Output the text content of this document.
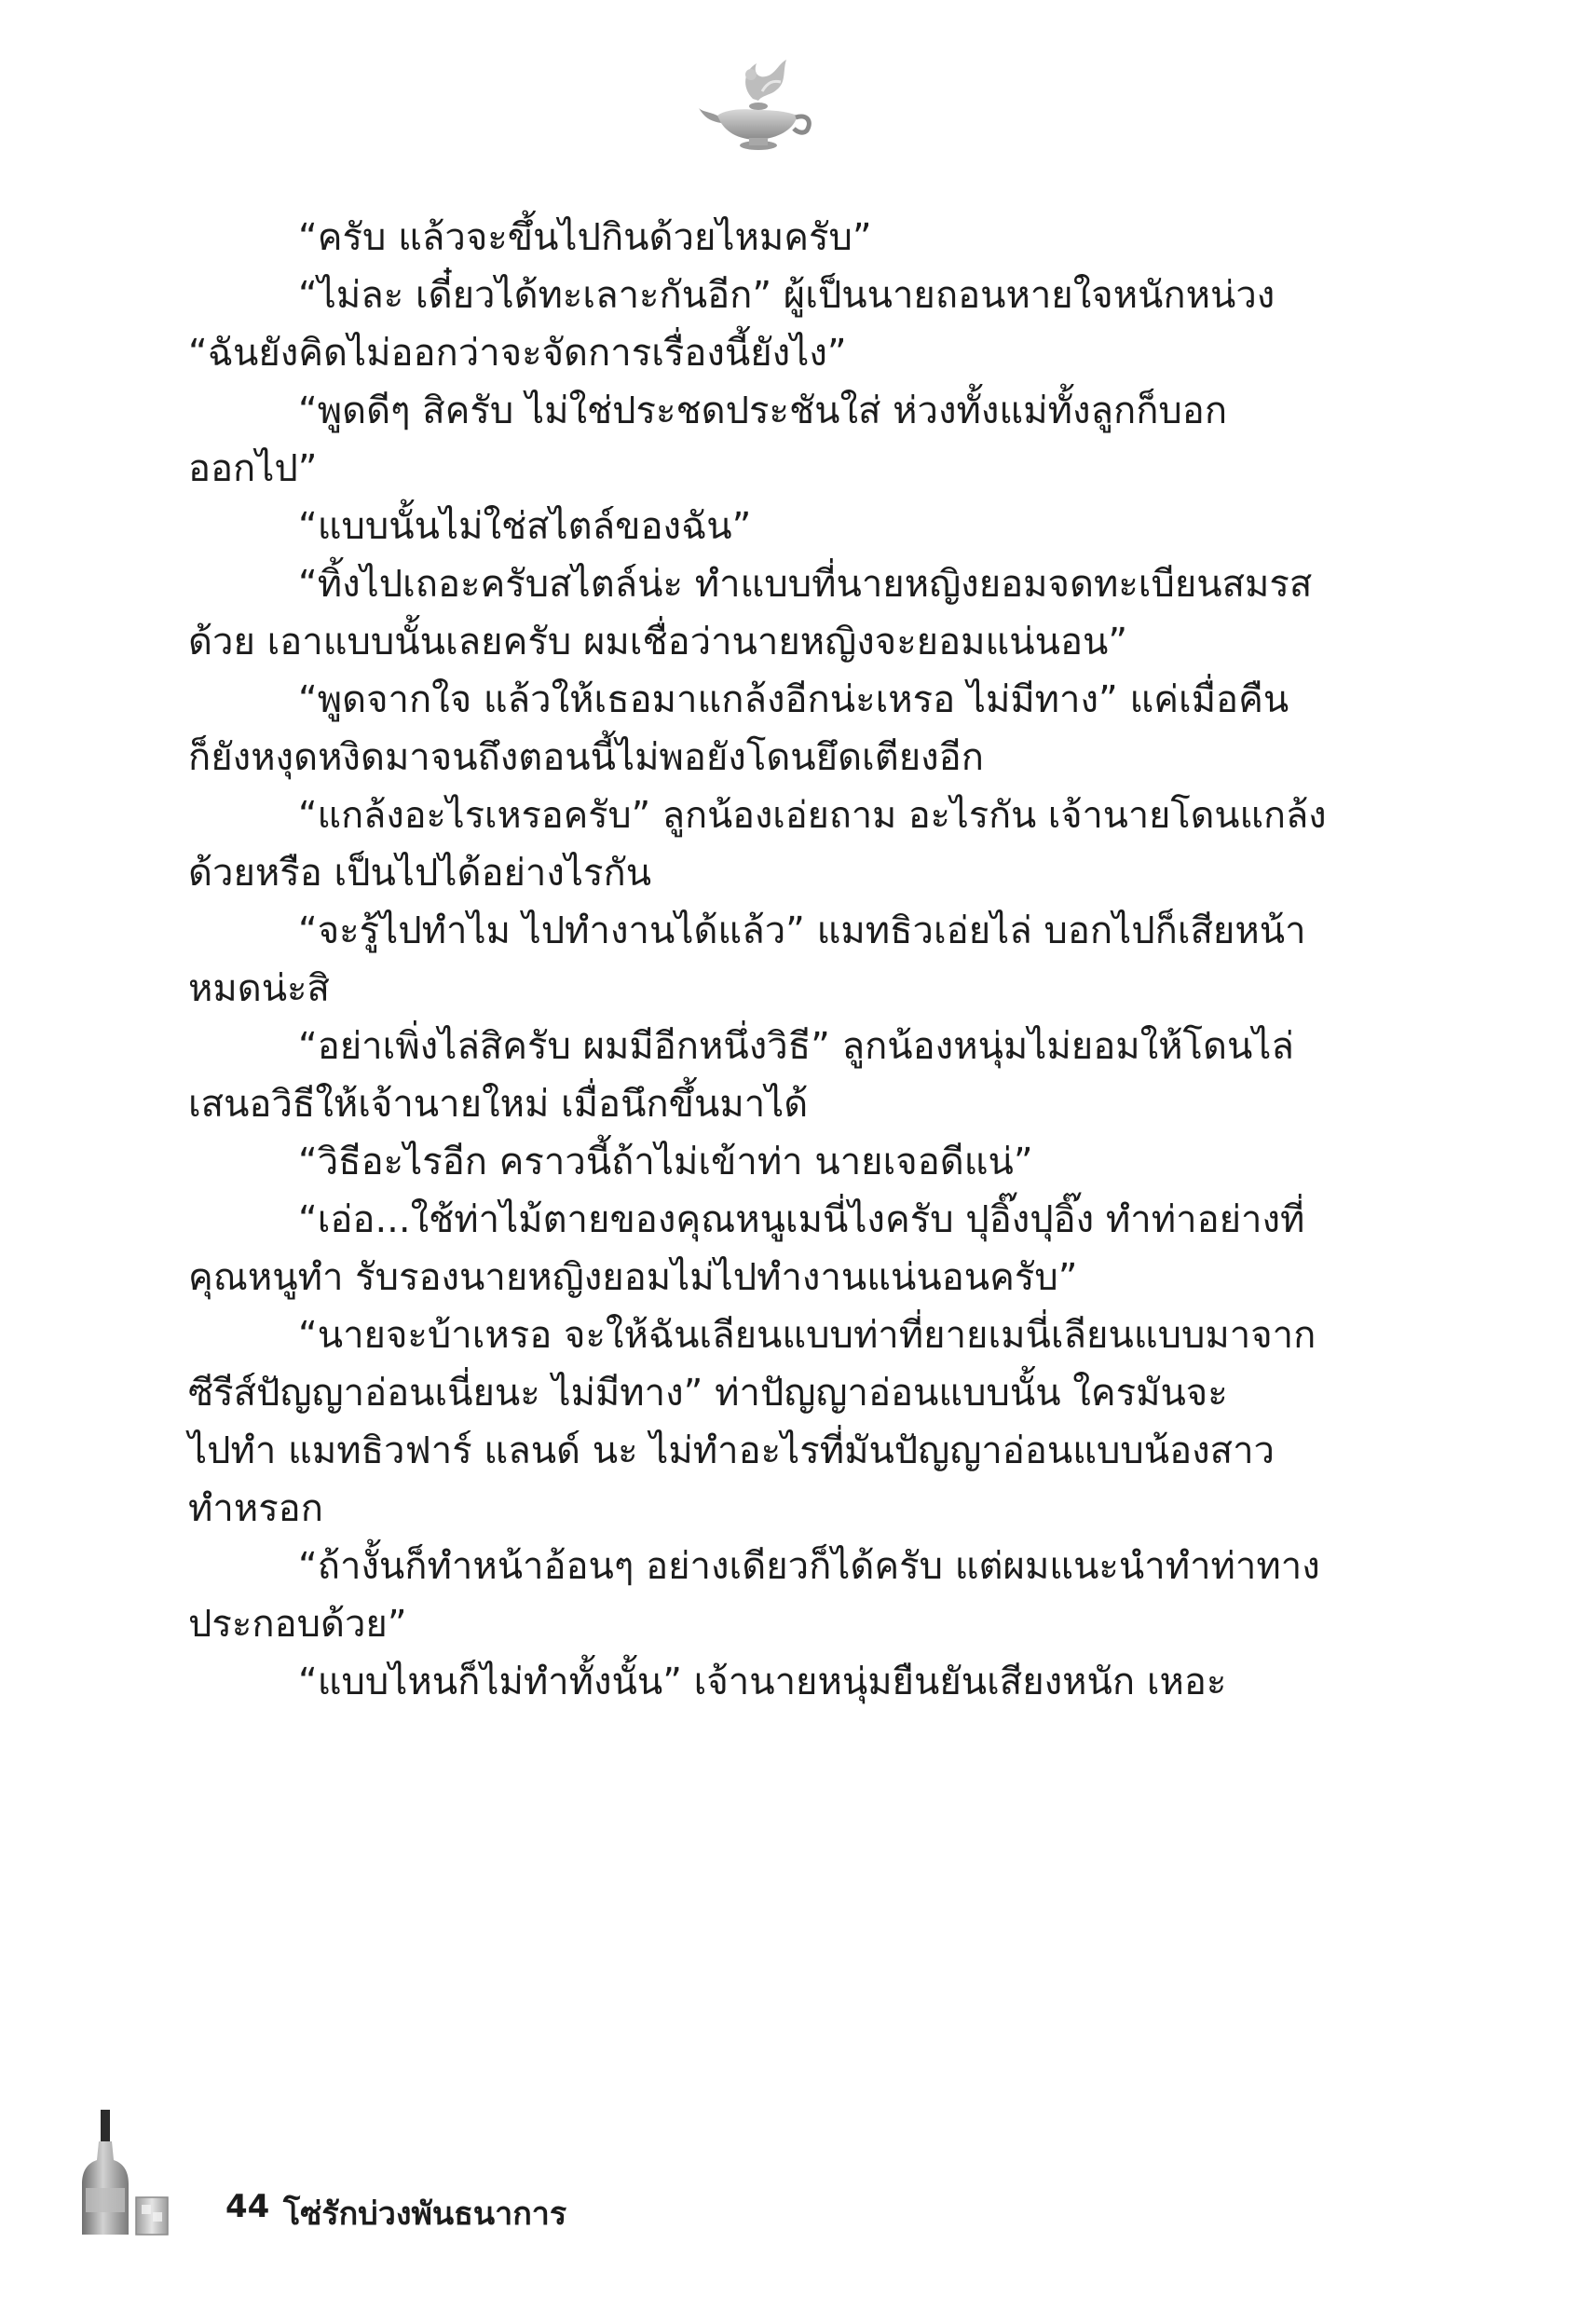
“ครับ แล้วจะขึ้นไปกินด้วยไหมครับ”

“ไม่ละ เดี๋ยวได้ทะเลาะกันอีก” ผู้เป็นนายถอนหายใจหนักหน่วง
“ฉันยังคิดไม่ออกว่าจะจัดการเรื่องนี้ยังไง”

“พูดดีๆ สิครับ ไม่ใช่ประชดประชันใส่ ห่วงทั้งแม่ทั้งลูกก็บอก
ออกไป”

“แบบนั้นไม่ใช่สไตล์ของฉัน”

“ทิ้งไปเถอะครับสไตล์น่ะ ทำแบบที่นายหญิงยอมจดทะเบียนสมรส
ด้วย เอาแบบนั้นเลยครับ ผมเชื่อว่านายหญิงจะยอมแน่นอน”

“พูดจากใจ แล้วให้เธอมาแกล้งอีกน่ะเหรอ ไม่มีทาง” แค่เมื่อคืน
ก็ยังหงุดหงิดมาจนถึงตอนนี้ไม่พอยังโดนยึดเตียงอีก

“แกล้งอะไรเหรอครับ” ลูกน้องเอ่ยถาม อะไรกัน เจ้านายโดนแกล้ง
ด้วยหรือ เป็นไปได้อย่างไรกัน

“จะรู้ไปทำไม ไปทำงานได้แล้ว” แมทธิวเอ่ยไล่ บอกไปก็เสียหน้า
หมดน่ะสิ

“อย่าเพิ่งไล่สิครับ ผมมีอีกหนึ่งวิธี” ลูกน้องหนุ่มไม่ยอมให้โดนไล่
เสนอวิธีให้เจ้านายใหม่ เมื่อนึกขึ้นมาได้

“วิธีอะไรอีก คราวนี้ถ้าไม่เข้าท่า นายเจอดีแน่”

“เอ่อ...ใช้ท่าไม้ตายของคุณหนูเมนี่ไงครับ ปุอิ๊งปุอิ๊ง ทำท่าอย่างที่
คุณหนูทำ รับรองนายหญิงยอมไม่ไปทำงานแน่นอนครับ”

“นายจะบ้าเหรอ จะให้ฉันเลียนแบบท่าที่ยายเมนี่เลียนแบบมาจาก
ซีรีส์ปัญญาอ่อนเนี่ยนะ ไม่มีทาง” ท่าปัญญาอ่อนแบบนั้น ใครมันจะ
ไปทำ แมทธิวฟาร์ แลนด์ นะ ไม่ทำอะไรที่มันปัญญาอ่อนแบบน้องสาว
ทำหรอก

“ถ้างั้นก็ทำหน้าอ้อนๆ อย่างเดียวก็ได้ครับ แต่ผมแนะนำทำท่าทาง
ประกอบด้วย”

“แบบไหนก็ไม่ทำทั้งนั้น” เจ้านายหนุ่มยืนยันเสียงหนัก เหอะ

44 โซ่รักบ่วงพันธนาการ
